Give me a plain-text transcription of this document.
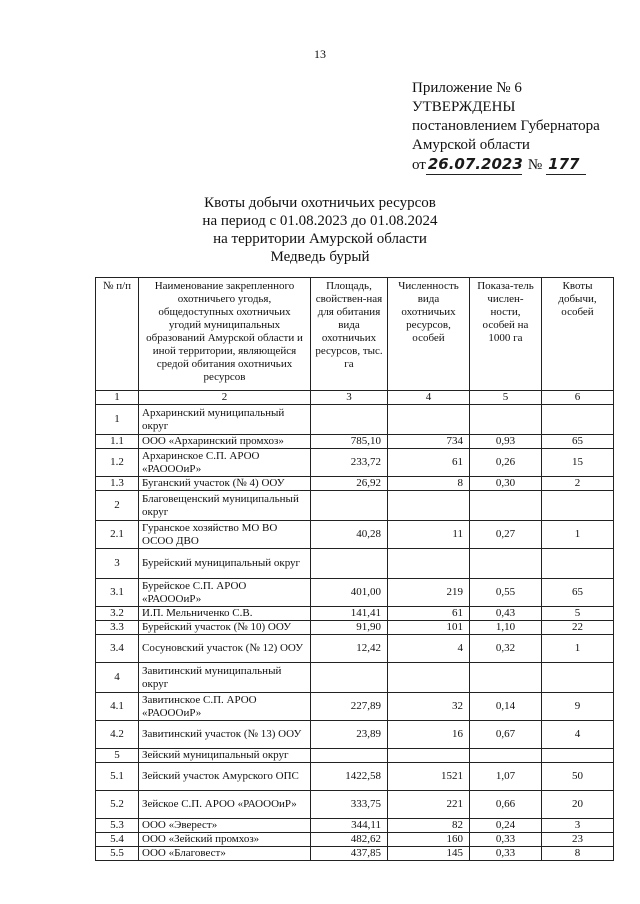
13
Приложение № 6
УТВЕРЖДЕНЫ
постановлением Губернатора
Амурской области
от 26.07.2023 № 177
Квоты добычи охотничьих ресурсов
на период с 01.08.2023 до 01.08.2024
на территории Амурской области
Медведь бурый
№ п/п	Наименование закрепленного охотничьего угодья, общедоступных охотничьих угодий муниципальных образований Амурской области и иной территории, являющейся средой обитания охотничьих ресурсов	Площадь, свойствен-ная для обитания вида охотничьих ресурсов, тыс. га	Численность вида охотничьих ресурсов, особей	Показа-тель числен-ности, особей на 1000 га	Квоты добычи, особей
1	2	3	4	5	6
1	Архаринский муниципальный округ				
1.1	ООО «Архаринский промхоз»	785,10	734	0,93	65
1.2	Архаринское С.П. АРОО «РАОООиР»	233,72	61	0,26	15
1.3	Буганский участок (№ 4) ООУ	26,92	8	0,30	2
2	Благовещенский муниципальный округ				
2.1	Гуранское хозяйство МО ВО ОСОО ДВО	40,28	11	0,27	1
3	Бурейский муниципальный округ				
3.1	Бурейское С.П. АРОО «РАОООиР»	401,00	219	0,55	65
3.2	И.П. Мельниченко С.В.	141,41	61	0,43	5
3.3	Бурейский участок (№ 10) ООУ	91,90	101	1,10	22
3.4	Сосуновский участок (№ 12) ООУ	12,42	4	0,32	1
4	Завитинский муниципальный округ				
4.1	Завитинское С.П. АРОО «РАОООиР»	227,89	32	0,14	9
4.2	Завитинский участок (№ 13) ООУ	23,89	16	0,67	4
5	Зейский муниципальный округ				
5.1	Зейский участок Амурского ОПС	1422,58	1521	1,07	50
5.2	Зейское С.П. АРОО «РАОООиР»	333,75	221	0,66	20
5.3	ООО «Эверест»	344,11	82	0,24	3
5.4	ООО «Зейский промхоз»	482,62	160	0,33	23
5.5	ООО «Благовест»	437,85	145	0,33	8
